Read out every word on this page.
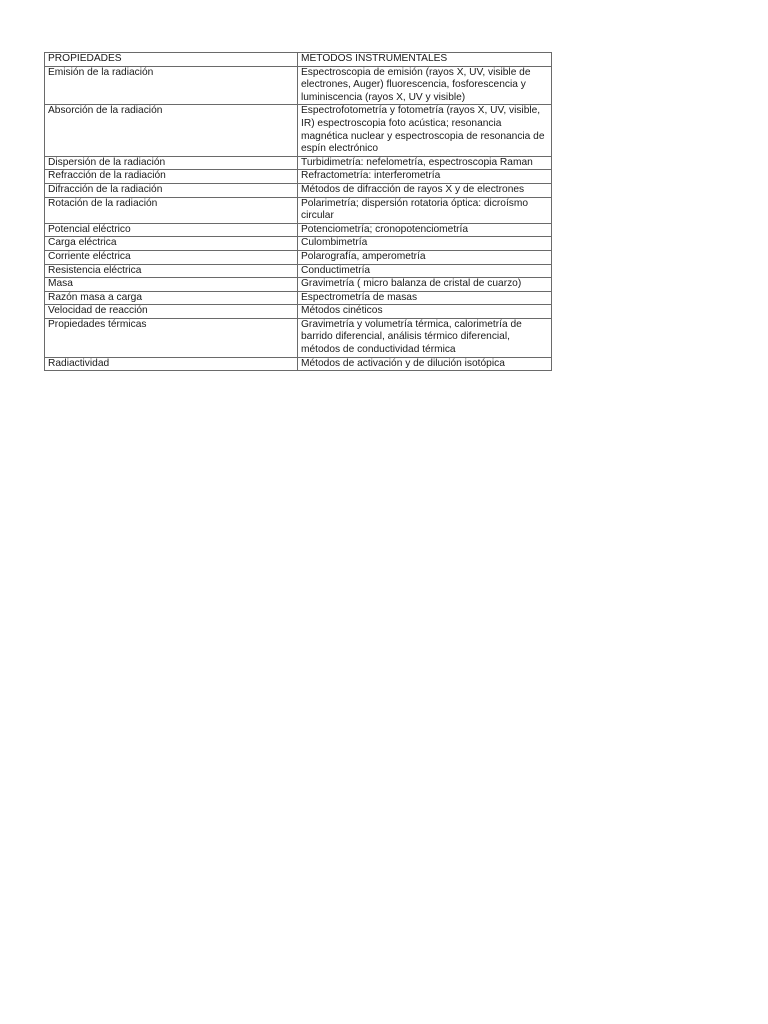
PROPIEDADES	METODOS INSTRUMENTALES
Emisión de la radiación	Espectroscopia de emisión (rayos X, UV, visible de electrones, Auger) fluorescencia, fosforescencia y luminiscencia (rayos X, UV y visible)
Absorción de la radiación	Espectrofotometría y fotometría (rayos X, UV, visible, IR) espectroscopia foto acústica; resonancia magnética nuclear y espectroscopia de resonancia de espín electrónico
Dispersión de la radiación	Turbidimetría: nefelometría, espectroscopia Raman
Refracción de la radiación	Refractometría: interferometría
Difracción de la radiación	Métodos de difracción de rayos X y de electrones
Rotación de la radiación	Polarimetría; dispersión rotatoria óptica: dicroísmo circular
Potencial eléctrico	Potenciometría; cronopotenciometría
Carga eléctrica	Culombimetría
Corriente eléctrica	Polarografía, amperometría
Resistencia eléctrica	Conductimetría
Masa	Gravimetría ( micro balanza de cristal de cuarzo)
Razón masa a carga	Espectrometría de masas
Velocidad de reacción	Métodos cinéticos
Propiedades térmicas	Gravimetría y volumetría térmica, calorimetría de barrido diferencial, análisis térmico diferencial, métodos de conductividad térmica
Radiactividad	Métodos de activación y de dilución isotópica
